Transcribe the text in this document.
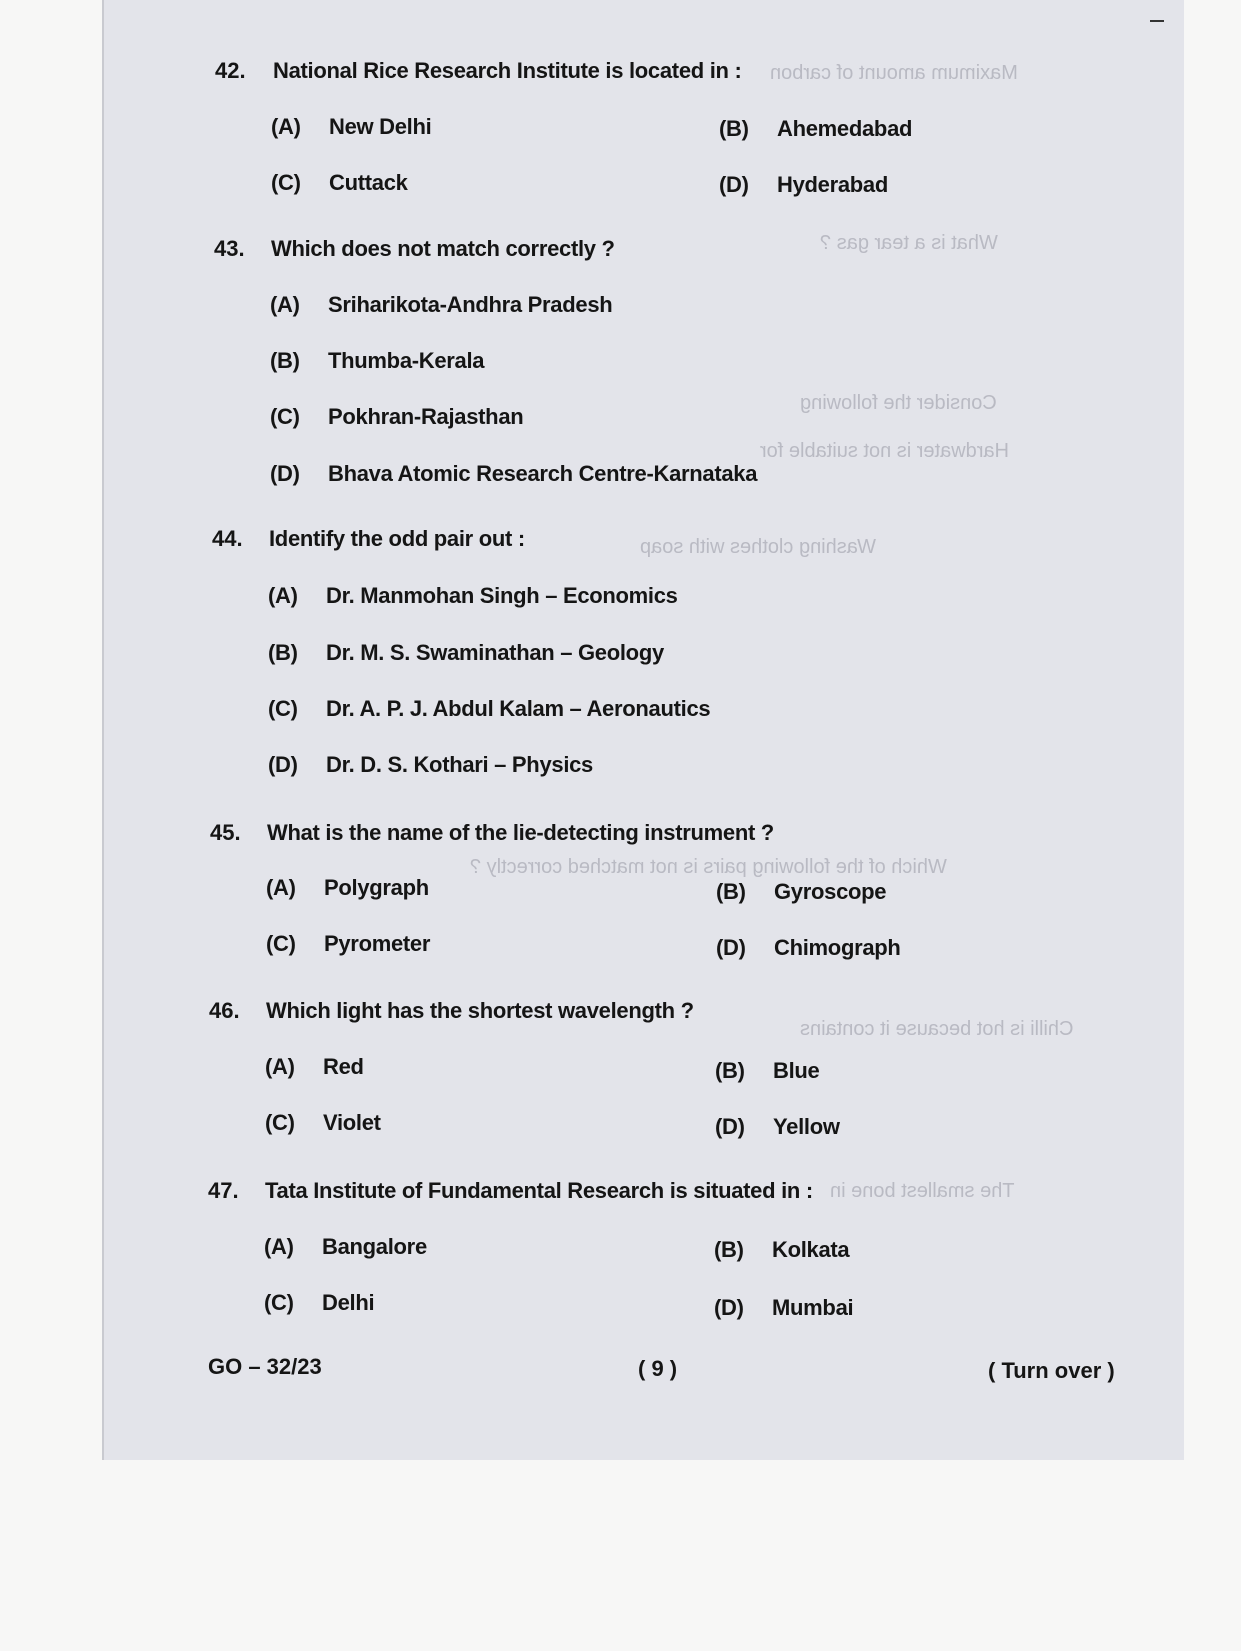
Maximum amount of carbon
What is a tear gas ?
Consider the following
Hardwater is not suitable for
Washing clothes with soap
Which of the following pairs is not matched correctly ?
Chilli is hot because it contains
The smallest bone in
42. National Rice Research Institute is located in :
(A) New Delhi	(B) Ahemedabad
(C) Cuttack	(D) Hyderabad
43. Which does not match correctly ?
(A) Sriharikota-Andhra Pradesh
(B) Thumba-Kerala
(C) Pokhran-Rajasthan
(D) Bhava Atomic Research Centre-Karnataka
44. Identify the odd pair out :
(A) Dr. Manmohan Singh – Economics
(B) Dr. M. S. Swaminathan – Geology
(C) Dr. A. P. J. Abdul Kalam – Aeronautics
(D) Dr. D. S. Kothari – Physics
45. What is the name of the lie-detecting instrument ?
(A) Polygraph	(B) Gyroscope
(C) Pyrometer	(D) Chimograph
46. Which light has the shortest wavelength ?
(A) Red	(B) Blue
(C) Violet	(D) Yellow
47. Tata Institute of Fundamental Research is situated in :
(A) Bangalore	(B) Kolkata
(C) Delhi	(D) Mumbai
GO – 32/23	( 9 )	( Turn over )
